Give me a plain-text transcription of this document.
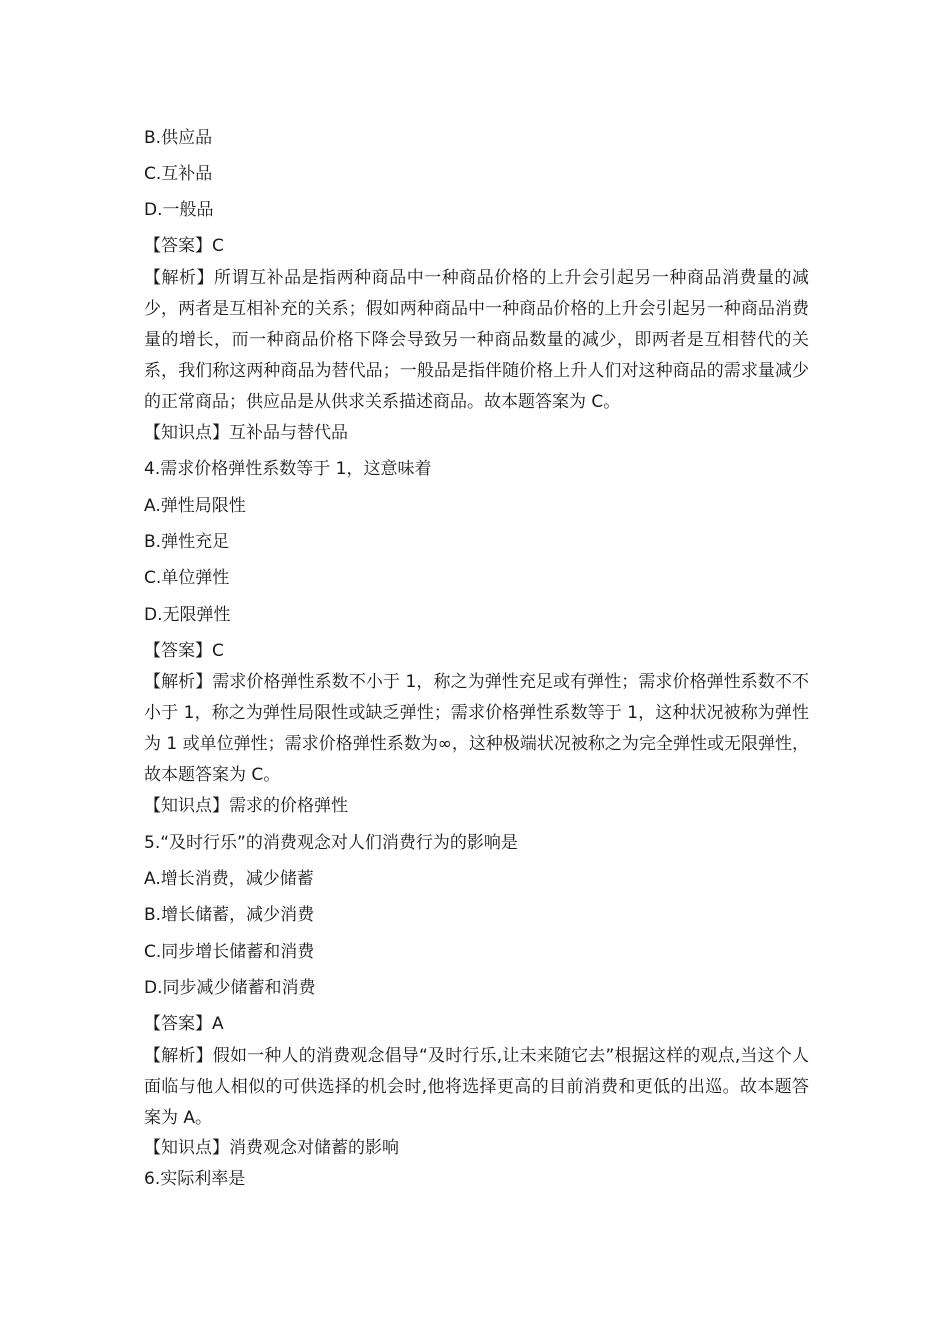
B.供应品
C.互补品
D.一般品
【答案】C
【解析】所谓互补品是指两种商品中一种商品价格的上升会引起另一种商品消费量的减少，两者是互相补充的关系；假如两种商品中一种商品价格的上升会引起另一种商品消费量的增长，而一种商品价格下降会导致另一种商品数量的减少，即两者是互相替代的关系，我们称这两种商品为替代品；一般品是指伴随价格上升人们对这种商品的需求量减少的正常商品；供应品是从供求关系描述商品。故本题答案为 C。
【知识点】互补品与替代品
4.需求价格弹性系数等于 1，这意味着
A.弹性局限性
B.弹性充足
C.单位弹性
D.无限弹性
【答案】C
【解析】需求价格弹性系数不小于 1，称之为弹性充足或有弹性；需求价格弹性系数不不小于 1，称之为弹性局限性或缺乏弹性；需求价格弹性系数等于 1，这种状况被称为弹性为 1 或单位弹性；需求价格弹性系数为∞，这种极端状况被称之为完全弹性或无限弹性，故本题答案为 C。
【知识点】需求的价格弹性
5.“及时行乐”的消费观念对人们消费行为的影响是
A.增长消费，减少储蓄
B.增长储蓄，减少消费
C.同步增长储蓄和消费
D.同步减少储蓄和消费
【答案】A
【解析】假如一种人的消费观念倡导“及时行乐,让未来随它去”根据这样的观点,当这个人面临与他人相似的可供选择的机会时,他将选择更高的目前消费和更低的出巡。故本题答案为 A。
【知识点】消费观念对储蓄的影响
6.实际利率是
